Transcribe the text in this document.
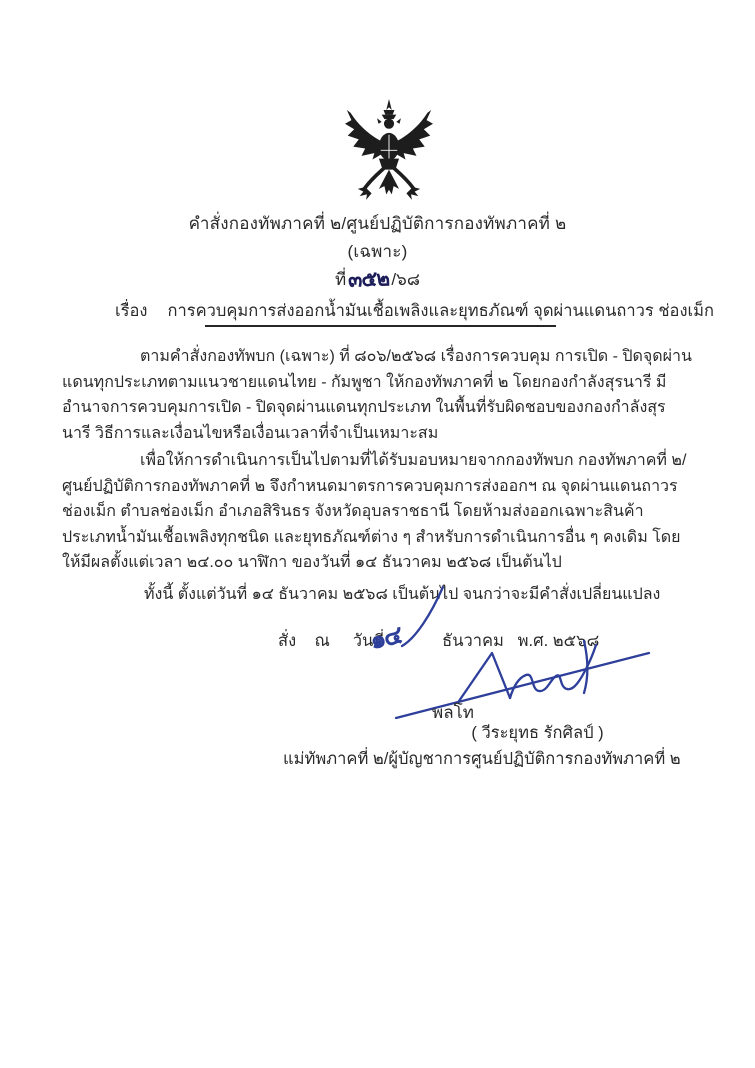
คำสั่งกองทัพภาคที่ ๒/ศูนย์ปฏิบัติการกองทัพภาคที่ ๒
(เฉพาะ)
ที่๓๕๒/๖๘
เรื่อง การควบคุมการส่งออกน้ำมันเชื้อเพลิงและยุทธภัณฑ์ จุดผ่านแดนถาวร ช่องเม็ก
ตามคำสั่งกองทัพบก (เฉพาะ) ที่ ๘๐๖/๒๕๖๘ เรื่องการควบคุม การเปิด - ปิดจุดผ่านแดนทุกประเภทตามแนวชายแดนไทย - กัมพูชา ให้กองทัพภาคที่ ๒ โดยกองกำลังสุรนารี มีอำนาจการควบคุมการเปิด - ปิดจุดผ่านแดนทุกประเภท ในพื้นที่รับผิดชอบของกองกำลังสุรนารี วิธีการและเงื่อนไขหรือเงื่อนเวลาที่จำเป็นเหมาะสม
เพื่อให้การดำเนินการเป็นไปตามที่ได้รับมอบหมายจากกองทัพบก กองทัพภาคที่ ๒/ศูนย์ปฏิบัติการกองทัพภาคที่ ๒ จึงกำหนดมาตรการควบคุมการส่งออกฯ ณ จุดผ่านแดนถาวร ช่องเม็ก ตำบลช่องเม็ก อำเภอสิรินธร จังหวัดอุบลราชธานี โดยห้ามส่งออกเฉพาะสินค้าประเภทน้ำมันเชื้อเพลิงทุกชนิด และยุทธภัณฑ์ต่าง ๆ สำหรับการดำเนินการอื่น ๆ คงเดิม โดยให้มีผลตั้งแต่เวลา ๒๔.๐๐ นาฬิกา ของวันที่ ๑๔ ธันวาคม ๒๕๖๘ เป็นต้นไป
ทั้งนี้ ตั้งแต่วันที่ ๑๔ ธันวาคม ๒๕๖๘ เป็นต้นไป จนกว่าจะมีคำสั่งเปลี่ยนแปลง
สั่ง    ณ     วันที่	ธันวาคม   พ.ศ. ๒๕๖๘
๑๔
พลโท
( วีระยุทธ รักศิลป์ )
แม่ทัพภาคที่ ๒/ผู้บัญชาการศูนย์ปฏิบัติการกองทัพภาคที่ ๒
